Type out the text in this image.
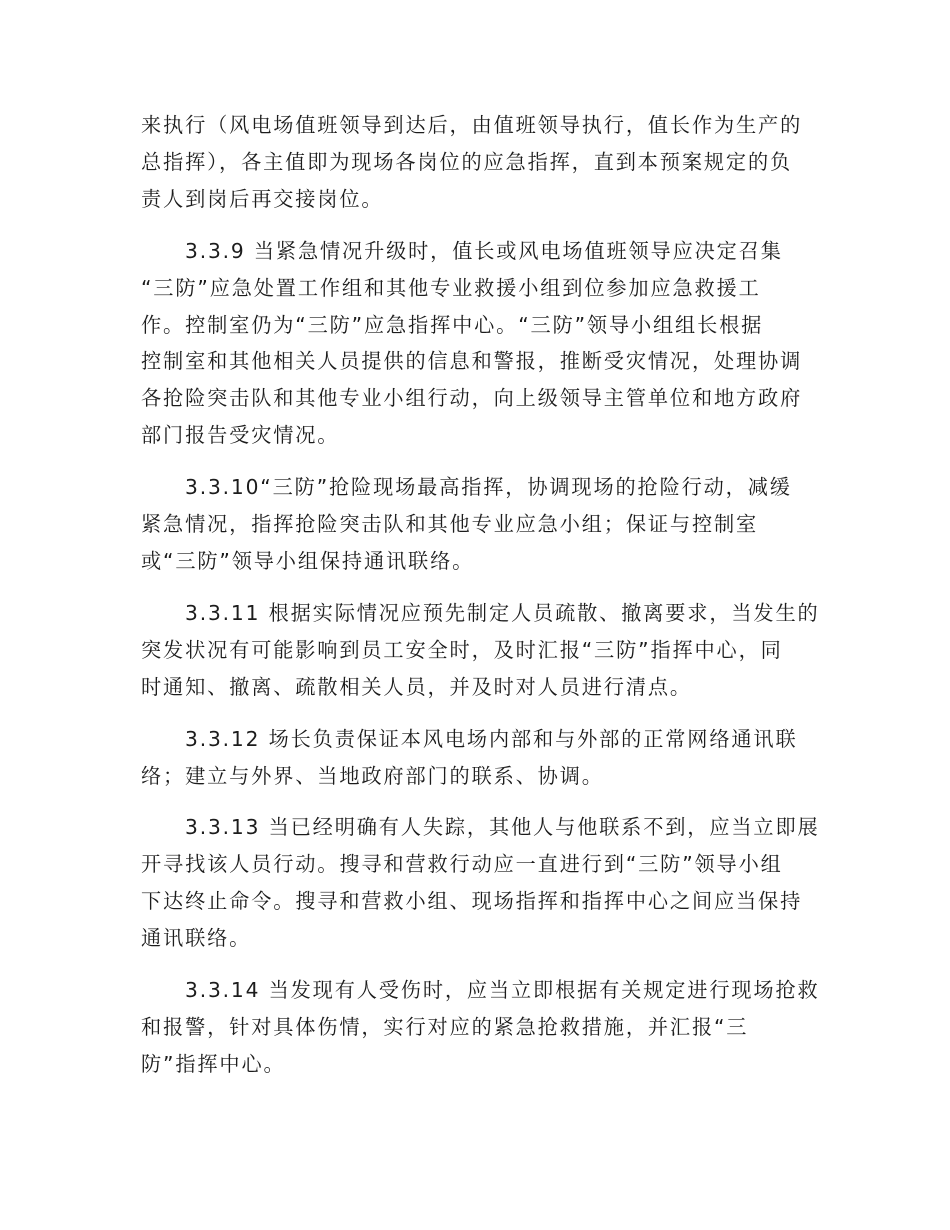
来执行（风电场值班领导到达后，由值班领导执行，值长作为生产的
总指挥），各主值即为现场各岗位的应急指挥，直到本预案规定的负
责人到岗后再交接岗位。

3.3.9 当紧急情况升级时，值长或风电场值班领导应决定召集
“三防”应急处置工作组和其他专业救援小组到位参加应急救援工
作。控制室仍为“三防”应急指挥中心。“三防”领导小组组长根据
控制室和其他相关人员提供的信息和警报，推断受灾情况，处理协调
各抢险突击队和其他专业小组行动，向上级领导主管单位和地方政府
部门报告受灾情况。

3.3.10“三防”抢险现场最高指挥，协调现场的抢险行动，减缓
紧急情况，指挥抢险突击队和其他专业应急小组；保证与控制室
或“三防”领导小组保持通讯联络。

3.3.11 根据实际情况应预先制定人员疏散、撤离要求，当发生的
突发状况有可能影响到员工安全时，及时汇报“三防”指挥中心，同
时通知、撤离、疏散相关人员，并及时对人员进行清点。

3.3.12 场长负责保证本风电场内部和与外部的正常网络通讯联
络；建立与外界、当地政府部门的联系、协调。

3.3.13 当已经明确有人失踪，其他人与他联系不到，应当立即展
开寻找该人员行动。搜寻和营救行动应一直进行到“三防”领导小组
下达终止命令。搜寻和营救小组、现场指挥和指挥中心之间应当保持
通讯联络。

3.3.14 当发现有人受伤时，应当立即根据有关规定进行现场抢救
和报警，针对具体伤情，实行对应的紧急抢救措施，并汇报“三
防”指挥中心。
